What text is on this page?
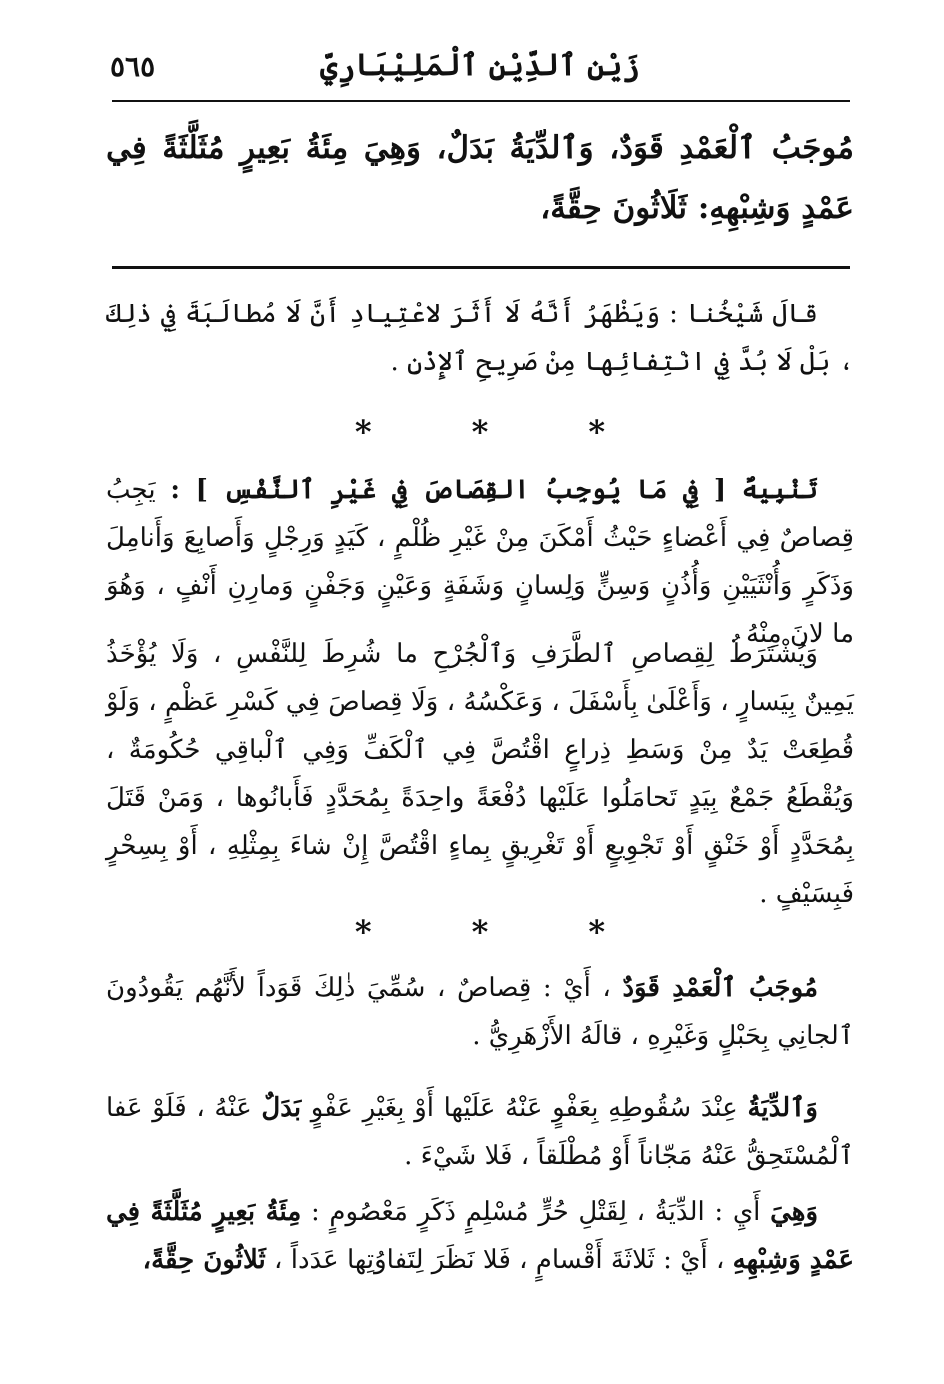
٥٦٥	زَيْن ٱلدِّيْنِ ٱلْمَلِيْبَارِيّ
مُوجَبُ ٱلْعَمْدِ قَوَدٌ، وَٱلدِّيَةُ بَدَلٌ، وَهِيَ مِئَةُ بَعِيرٍ مُثَلَّثَةً فِي عَمْدٍ وَشِبْهِهِ: ثَلَاثُونَ حِقَّةً،

قالَ شَيْخُنا : وَيَظْهَرُ أَنَّهُ لَا أَثَرَ لاعْتِيادِ أَنَّ لَا مُطالَبَةَ فِي ذٰلِكَ ، بَلْ لَا بُدَّ فِي انْتِفائِها مِنْ صَرِيحِ ٱلإِذْنِ .

*	*	*

تَنْبِيهٌ [ فِي مَا يُوجِبُ القِصَاصَ فِي غَيْرِ ٱلنَّفْسِ ] : يَجِبُ قِصاصٌ فِي أَعْضاءٍ حَيْثُ أَمْكَنَ مِنْ غَيْرِ ظُلْمٍ ، كَيَدٍ وَرِجْلٍ وَأَصابِعَ وَأَنامِلَ وَذَكَرٍ وَأُنْثَيَيْنِ وَأُذُنٍ وَسِنٍّ وَلِسانٍ وَشَفَةٍ وَعَيْنٍ وَجَفْنٍ وَمارِنِ أَنْفٍ ، وَهُوَ ما لانَ مِنْهُ .

وَيُشْتَرَطُ لِقِصاصِ ٱلطَّرَفِ وَٱلْجُرْحِ ما شُرِطَ لِلنَّفْسِ ، وَلَا يُؤْخَذُ يَمِينٌ بِيَسارٍ ، وَأَعْلَىٰ بِأَسْفَلَ ، وَعَكْسُهُ ، وَلَا قِصاصَ فِي كَسْرِ عَظْمٍ ، وَلَوْ قُطِعَتْ يَدٌ مِنْ وَسَطِ ذِراعٍ اقْتُصَّ فِي ٱلْكَفِّ وَفِي ٱلْباقِي حُكُومَةٌ ، وَيُقْطَعُ جَمْعٌ بِيَدٍ تَحامَلُوا عَلَيْها دُفْعَةً واحِدَةً بِمُحَدَّدٍ فَأَبانُوها ، وَمَنْ قَتَلَ بِمُحَدَّدٍ أَوْ خَنْقٍ أَوْ تَجْوِيعٍ أَوْ تَغْرِيقٍ بِماءٍ اقْتُصَّ إِنْ شاءَ بِمِثْلِهِ ، أَوْ بِسِحْرٍ فَبِسَيْفٍ .

*	*	*

مُوجَبُ ٱلْعَمْدِ قَوَدٌ ، أَيْ : قِصاصٌ ، سُمِّيَ ذٰلِكَ قَوَداً لأَنَّهُم يَقُودُونَ ٱلجانِي بِحَبْلٍ وَغَيْرِهِ ، قالَهُ الأَزْهَرِيُّ .

وَٱلدِّيَةُ عِنْدَ سُقُوطِهِ بِعَفْوٍ عَنْهُ عَلَيْها أَوْ بِغَيْرِ عَفْوٍ بَدَلٌ عَنْهُ ، فَلَوْ عَفا ٱلْمُسْتَحِقُّ عَنْهُ مَجّاناً أَوْ مُطْلَقاً ، فَلا شَيْءَ .

وَهِيَ أَيِ : الدِّيَةُ ، لِقَتْلِ حُرٍّ مُسْلِمٍ ذَكَرٍ مَعْصُومٍ : مِئَةُ بَعِيرٍ مُثَلَّثَةً فِي عَمْدٍ وَشِبْهِهِ ، أَيْ : ثَلاثَةَ أَقْسامٍ ، فَلا نَظَرَ لِتَفاوُتِها عَدَداً ، ثَلاثُونَ حِقَّةً،
